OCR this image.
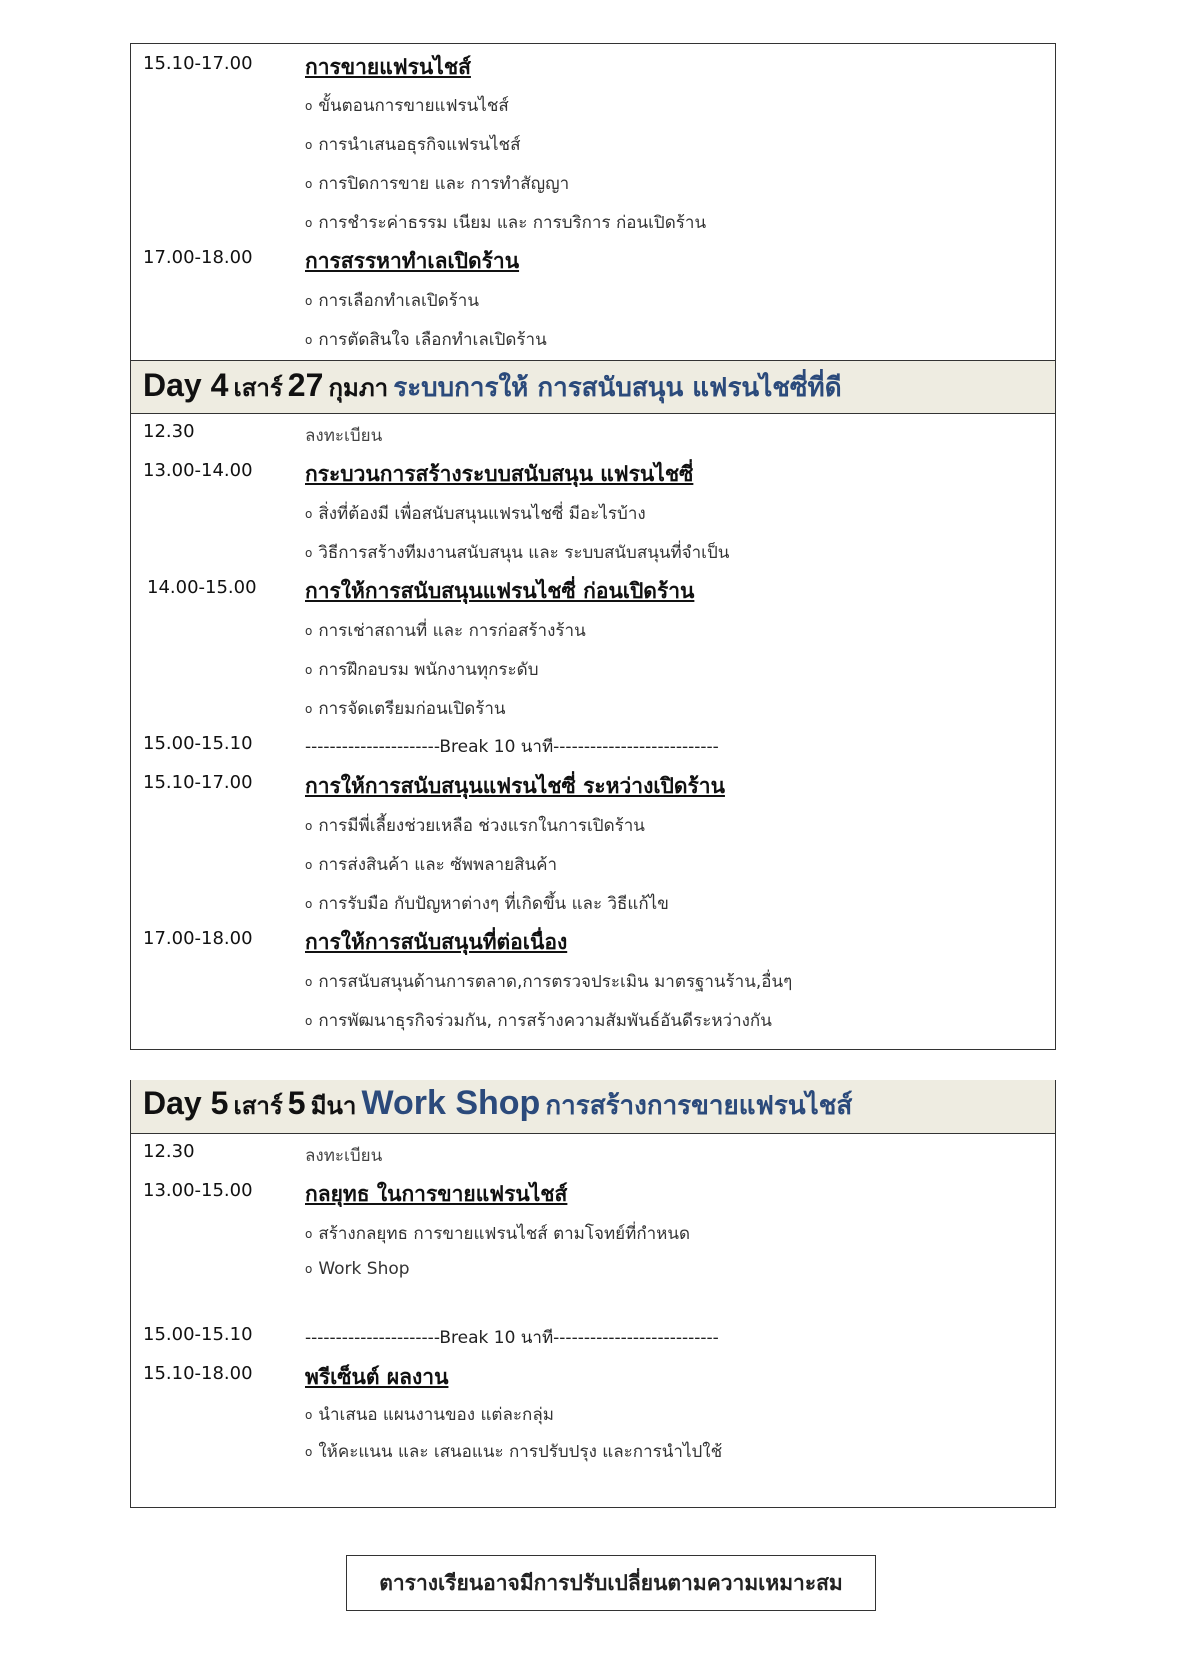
15.10-17.00 การขายแฟรนไชส์
o ขั้นตอนการขายแฟรนไชส์
o การนำเสนอธุรกิจแฟรนไชส์
o การปิดการขาย และ การทำสัญญา
o การชำระค่าธรรม เนียม และ การบริการ ก่อนเปิดร้าน
17.00-18.00 การสรรหาทำเลเปิดร้าน
o การเลือกทำเลเปิดร้าน
o การตัดสินใจ เลือกทำเลเปิดร้าน
Day 4 เสาร์ 27 กุมภา ระบบการให้ การสนับสนุน แฟรนไชซี่ที่ดี
12.30	ลงทะเบียน
13.00-14.00 กระบวนการสร้างระบบสนับสนุน แฟรนไชซี่
o สิ่งที่ต้องมี เพื่อสนับสนุนแฟรนไชซี่ มีอะไรบ้าง
o วิธีการสร้างทีมงานสนับสนุน และ ระบบสนับสนุนที่จำเป็น
14.00-15.00 การให้การสนับสนุนแฟรนไชซี่ ก่อนเปิดร้าน
o การเช่าสถานที่ และ การก่อสร้างร้าน
o การฝึกอบรม พนักงานทุกระดับ
o การจัดเตรียมก่อนเปิดร้าน
15.00-15.10	----------------------Break 10 นาที---------------------------
15.10-17.00 การให้การสนับสนุนแฟรนไชซี่ ระหว่างเปิดร้าน
o การมีพี่เลี้ยงช่วยเหลือ ช่วงแรกในการเปิดร้าน
o การส่งสินค้า และ ซัพพลายสินค้า
o การรับมือ กับปัญหาต่างๆ ที่เกิดขึ้น และ วิธีแก้ไข
17.00-18.00 การให้การสนับสนุนที่ต่อเนื่อง
o การสนับสนุนด้านการตลาด,การตรวจประเมิน มาตรฐานร้าน,อื่นๆ
o การพัฒนาธุรกิจร่วมกัน, การสร้างความสัมพันธ์อันดีระหว่างกัน
Day 5 เสาร์ 5 มีนา Work Shop การสร้างการขายแฟรนไชส์
12.30	ลงทะเบียน
13.00-15.00 กลยุทธ ในการขายแฟรนไชส์
o สร้างกลยุทธ การขายแฟรนไชส์ ตามโจทย์ที่กำหนด
o Work Shop
15.00-15.10	----------------------Break 10 นาที---------------------------
15.10-18.00 พรีเซ็นต์ ผลงาน
o นำเสนอ แผนงานของ แต่ละกลุ่ม
o ให้คะแนน และ เสนอแนะ การปรับปรุง และการนำไปใช้
ตารางเรียนอาจมีการปรับเปลี่ยนตามความเหมาะสม
